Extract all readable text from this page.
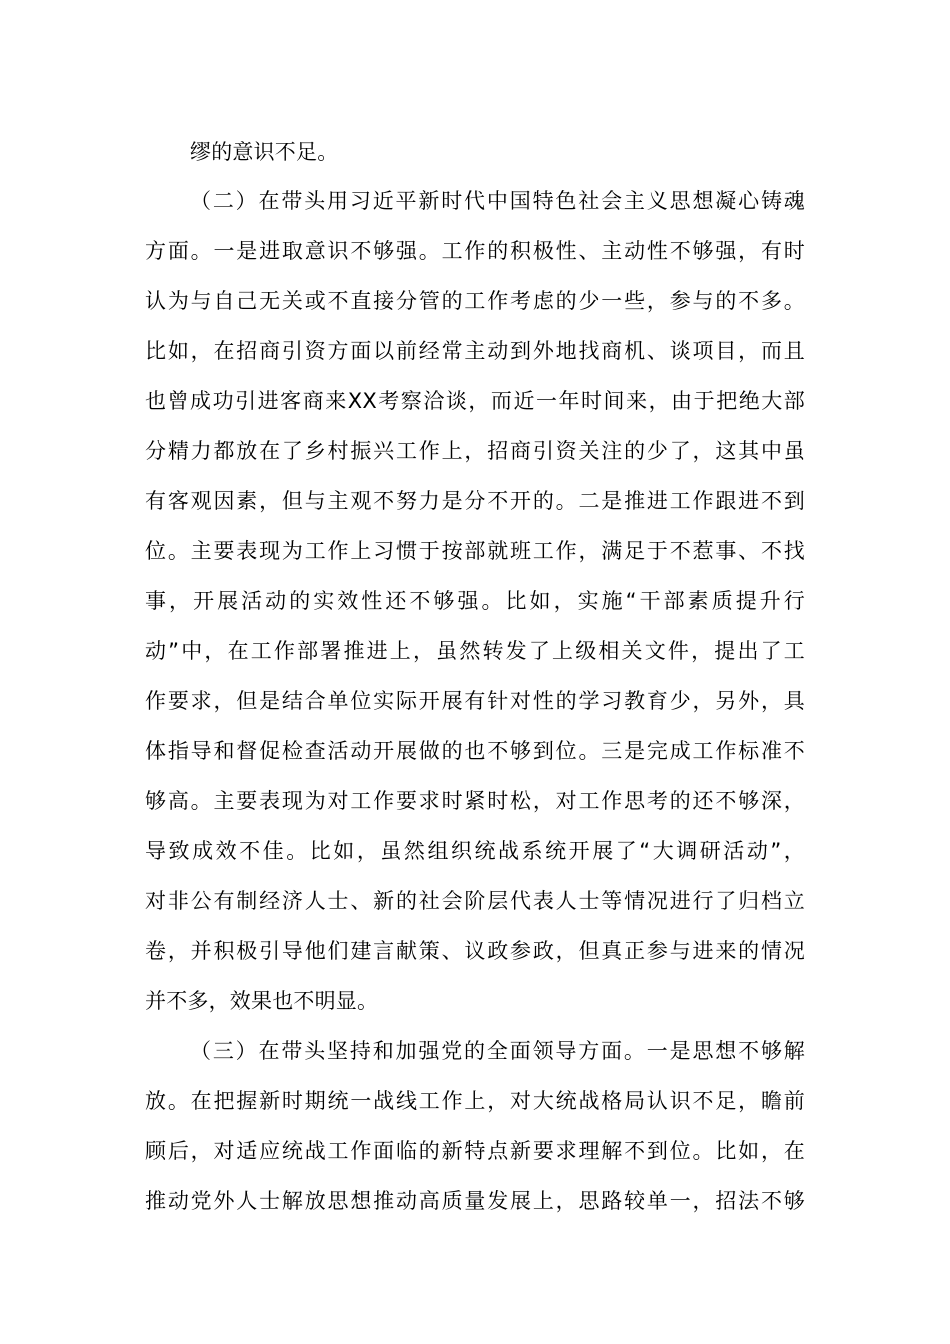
缪的意识不足。
（二）在带头用习近平新时代中国特色社会主义思想凝心铸魂
方面。一是进取意识不够强。工作的积极性、主动性不够强，有时
认为与自己无关或不直接分管的工作考虑的少一些，参与的不多。
比如，在招商引资方面以前经常主动到外地找商机、谈项目，而且
也曾成功引进客商来XX考察洽谈，而近一年时间来，由于把绝大部
分精力都放在了乡村振兴工作上，招商引资关注的少了，这其中虽
有客观因素，但与主观不努力是分不开的。二是推进工作跟进不到
位。主要表现为工作上习惯于按部就班工作，满足于不惹事、不找
事，开展活动的实效性还不够强。比如，实施“干部素质提升行
动”中，在工作部署推进上，虽然转发了上级相关文件，提出了工
作要求，但是结合单位实际开展有针对性的学习教育少，另外，具
体指导和督促检查活动开展做的也不够到位。三是完成工作标准不
够高。主要表现为对工作要求时紧时松，对工作思考的还不够深，
导致成效不佳。比如，虽然组织统战系统开展了“大调研活动”，
对非公有制经济人士、新的社会阶层代表人士等情况进行了归档立
卷，并积极引导他们建言献策、议政参政，但真正参与进来的情况
并不多，效果也不明显。
（三）在带头坚持和加强党的全面领导方面。一是思想不够解
放。在把握新时期统一战线工作上，对大统战格局认识不足，瞻前
顾后，对适应统战工作面临的新特点新要求理解不到位。比如，在
推动党外人士解放思想推动高质量发展上，思路较单一，招法不够
